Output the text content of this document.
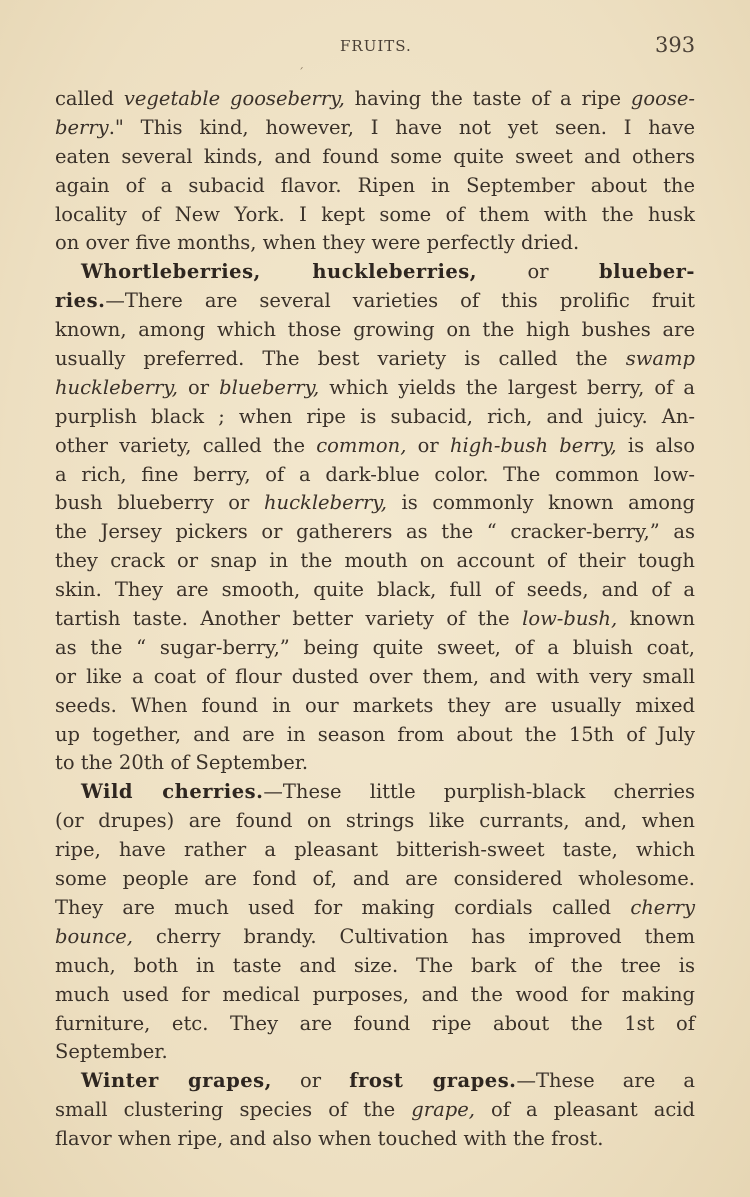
FRUITS.	393
´
called vegetable gooseberry, having the taste of a ripe goose-
berry." This kind, however, I have not yet seen. I have
eaten several kinds, and found some quite sweet and others
again of a subacid flavor. Ripen in September about the
locality of New York. I kept some of them with the husk
on over five months, when they were perfectly dried.
Whortleberries, huckleberries, or blueber-
ries.—There are several varieties of this prolific fruit
known, among which those growing on the high bushes are
usually preferred. The best variety is called the swamp
huckleberry, or blueberry, which yields the largest berry, of a
purplish black ; when ripe is subacid, rich, and juicy. An-
other variety, called the common, or high-bush berry, is also
a rich, fine berry, of a dark-blue color. The common low-
bush blueberry or huckleberry, is commonly known among
the Jersey pickers or gatherers as the “ cracker-berry,” as
they crack or snap in the mouth on account of their tough
skin. They are smooth, quite black, full of seeds, and of a
tartish taste. Another better variety of the low-bush, known
as the “ sugar-berry,” being quite sweet, of a bluish coat,
or like a coat of flour dusted over them, and with very small
seeds. When found in our markets they are usually mixed
up together, and are in season from about the 15th of July
to the 20th of September.
Wild cherries.—These little purplish-black cherries
(or drupes) are found on strings like currants, and, when
ripe, have rather a pleasant bitterish-sweet taste, which
some people are fond of, and are considered wholesome.
They are much used for making cordials called cherry
bounce, cherry brandy. Cultivation has improved them
much, both in taste and size. The bark of the tree is
much used for medical purposes, and the wood for making
furniture, etc. They are found ripe about the 1st of
September.
Winter grapes, or frost grapes.—These are a
small clustering species of the grape, of a pleasant acid
flavor when ripe, and also when touched with the frost.
